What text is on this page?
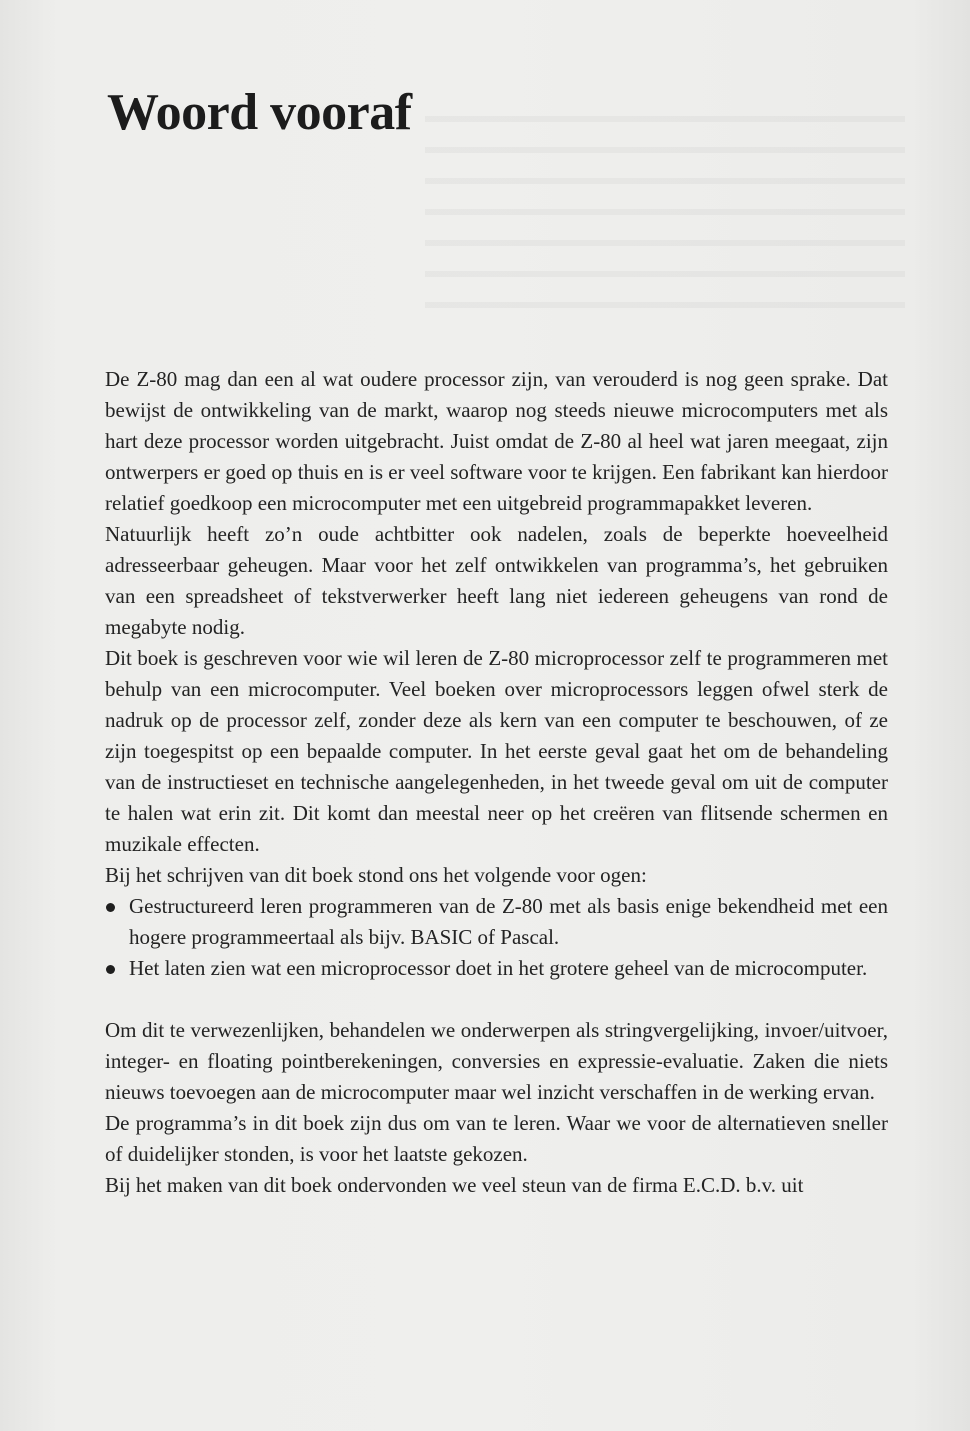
Woord vooraf

De Z-80 mag dan een al wat oudere processor zijn, van verouderd is nog geen sprake. Dat bewijst de ontwikkeling van de markt, waarop nog steeds nieuwe microcomputers met als hart deze processor worden uitgebracht. Juist omdat de Z-80 al heel wat jaren meegaat, zijn ontwerpers er goed op thuis en is er veel software voor te krijgen. Een fabrikant kan hierdoor relatief goedkoop een microcomputer met een uitgebreid programmapakket leveren.

Natuurlijk heeft zo’n oude achtbitter ook nadelen, zoals de beperkte hoeveelheid adresseerbaar geheugen. Maar voor het zelf ontwikkelen van programma’s, het gebruiken van een spreadsheet of tekstverwerker heeft lang niet iedereen geheugens van rond de megabyte nodig.

Dit boek is geschreven voor wie wil leren de Z-80 microprocessor zelf te programmeren met behulp van een microcomputer. Veel boeken over microprocessors leggen ofwel sterk de nadruk op de processor zelf, zonder deze als kern van een computer te beschouwen, of ze zijn toegespitst op een bepaalde computer. In het eerste geval gaat het om de behandeling van de instructieset en technische aangelegenheden, in het tweede geval om uit de computer te halen wat erin zit. Dit komt dan meestal neer op het creëren van flitsende schermen en muzikale effecten.

Bij het schrijven van dit boek stond ons het volgende voor ogen:

Gestructureerd leren programmeren van de Z-80 met als basis enige bekendheid met een hogere programmeertaal als bijv. BASIC of Pascal.
Het laten zien wat een microprocessor doet in het grotere geheel van de microcomputer.

Om dit te verwezenlijken, behandelen we onderwerpen als stringvergelijking, invoer/uitvoer, integer- en floating pointberekeningen, conversies en expressie-evaluatie. Zaken die niets nieuws toevoegen aan de microcomputer maar wel inzicht verschaffen in de werking ervan.

De programma’s in dit boek zijn dus om van te leren. Waar we voor de alternatieven sneller of duidelijker stonden, is voor het laatste gekozen.

Bij het maken van dit boek ondervonden we veel steun van de firma E.C.D. b.v. uit
